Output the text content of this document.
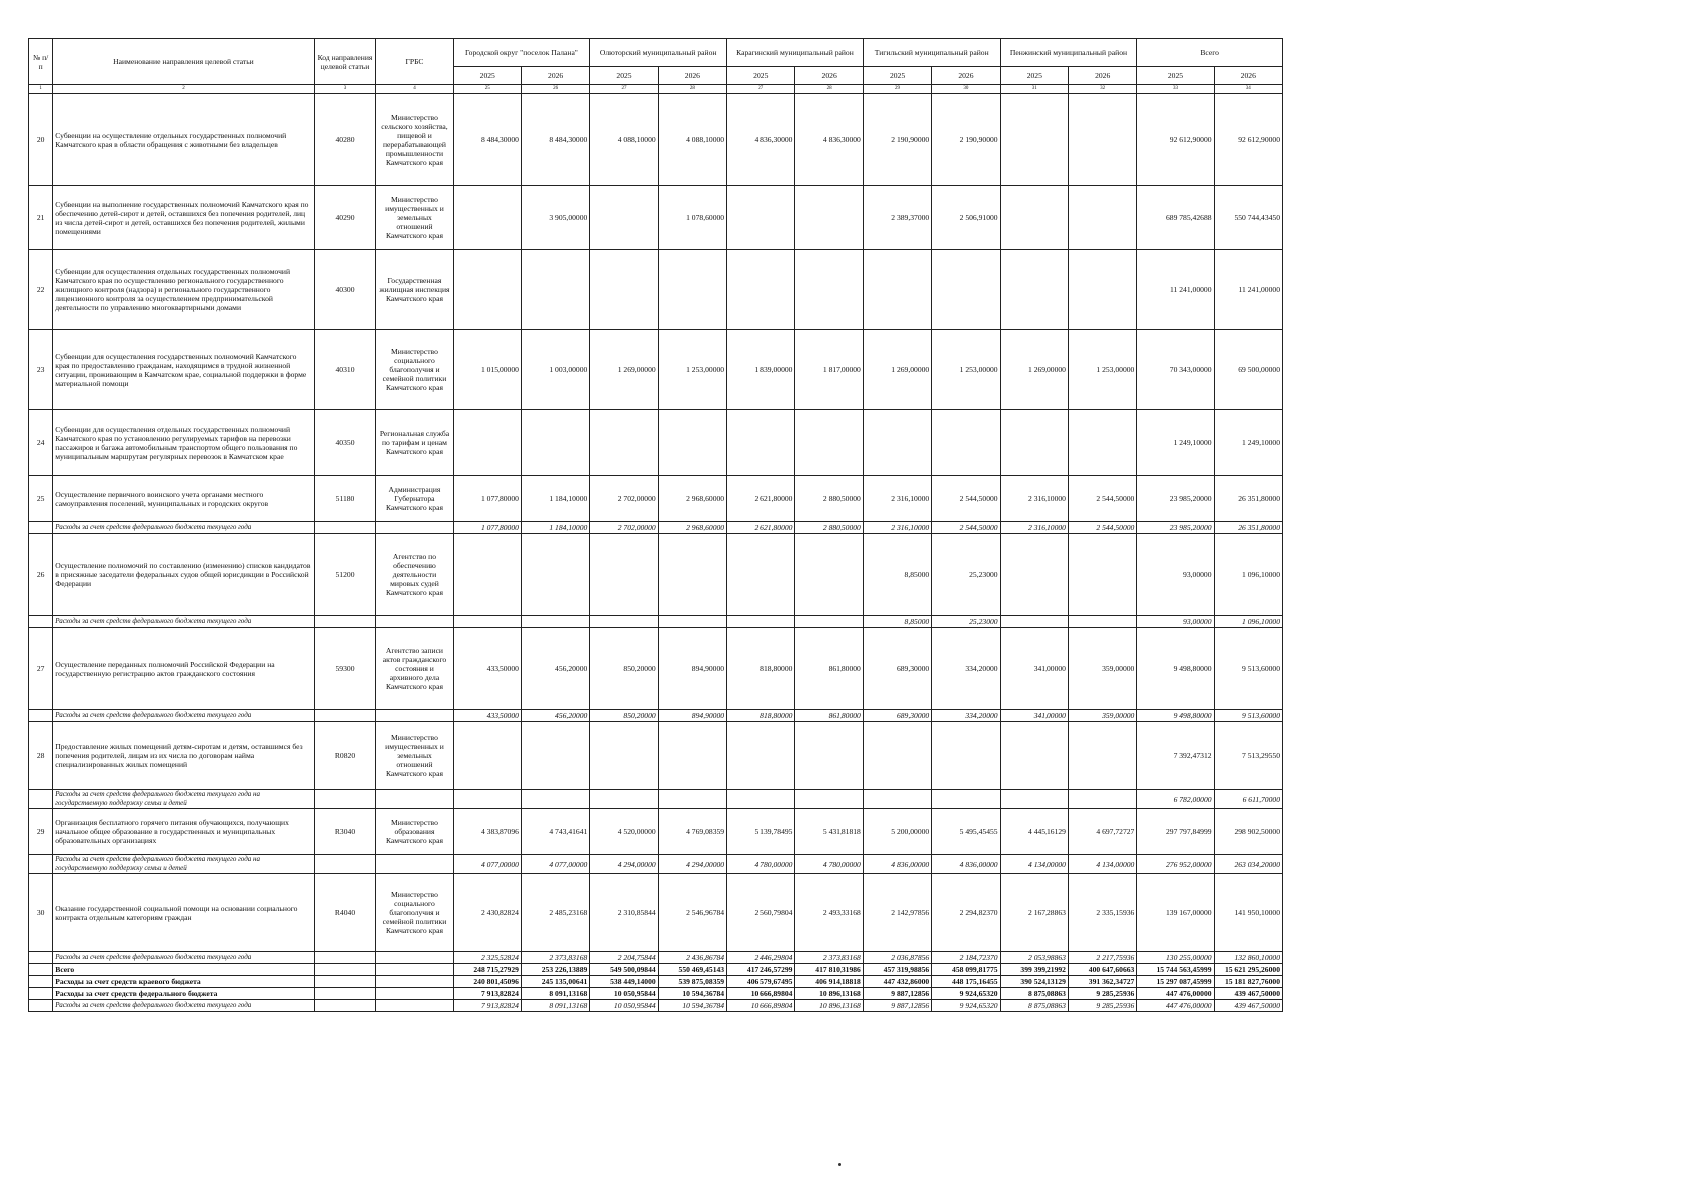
№ п/п	Наименование направления целевой статьи	Код направления целевой статьи	ГРБС	Городской округ "поселок Палана"		Олюторский муниципальный район		Карагинский муниципальный район		Тигильский муниципальный район		Пенжинский муниципальный район		Всего	
				2025	2026	2025	2026	2025	2026	2025	2026	2025	2026	2025	2026
1	2	3	4	25	26	27	28	27	28	29	30	31	32	33	34
20	Субвенции на осуществление отдельных государственных полномочий Камчатского края в области обращения с животными без владельцев	40280	Министерство сельского хозяйства, пищевой и перерабатывающей промышленности Камчатского края	8 484,30000	8 484,30000	4 088,10000	4 088,10000	4 836,30000	4 836,30000	2 190,90000	2 190,90000			92 612,90000	92 612,90000
21	Субвенции на выполнение государственных полномочий Камчатского края по обеспечению детей-сирот и детей, оставшихся без попечения родителей, лиц из числа детей-сирот и детей, оставшихся без попечения родителей, жилыми помещениями	40290	Министерство имущественных и земельных отношений Камчатского края		3 905,00000		1 078,60000			2 389,37000	2 506,91000			689 785,42688	550 744,43450
22	Субвенции для осуществления отдельных государственных полномочий Камчатского края по осуществлению регионального государственного жилищного контроля (надзора) и регионального государственного лицензионного контроля за осуществлением предпринимательской деятельности по управлению многоквартирными домами	40300	Государственная жилищная инспекция Камчатского края											11 241,00000	11 241,00000
23	Субвенции для осуществления государственных полномочий Камчатского края по предоставлению гражданам, находящимся в трудной жизненной ситуации, проживающим в Камчатском крае, социальной поддержки в форме материальной помощи	40310	Министерство социального благополучия и семейной политики Камчатского края	1 015,00000	1 003,00000	1 269,00000	1 253,00000	1 839,00000	1 817,00000	1 269,00000	1 253,00000	1 269,00000	1 253,00000	70 343,00000	69 500,00000
24	Субвенции для осуществления отдельных государственных полномочий Камчатского края по установлению регулируемых тарифов на перевозки пассажиров и багажа автомобильным транспортом общего пользования по муниципальным маршрутам регулярных перевозок в Камчатском крае	40350	Региональная служба по тарифам и ценам Камчатского края											1 249,10000	1 249,10000
25	Осуществление первичного воинского учета органами местного самоуправления поселений, муниципальных и городских округов	51180	Администрация Губернатора Камчатского края	1 077,80000	1 184,10000	2 702,00000	2 968,60000	2 621,80000	2 880,50000	2 316,10000	2 544,50000	2 316,10000	2 544,50000	23 985,20000	26 351,80000
	Расходы за счет средств федерального бюджета текущего года			1 077,80000	1 184,10000	2 702,00000	2 968,60000	2 621,80000	2 880,50000	2 316,10000	2 544,50000	2 316,10000	2 544,50000	23 985,20000	26 351,80000
26	Осуществление полномочий по составлению (изменению) списков кандидатов в присяжные заседатели федеральных судов общей юрисдикции в Российской Федерации	51200	Агентство по обеспечению деятельности мировых судей Камчатского края							8,85000	25,23000			93,00000	1 096,10000
	Расходы за счет средств федерального бюджета текущего года									8,85000	25,23000			93,00000	1 096,10000
27	Осуществление переданных полномочий Российской Федерации на государственную регистрацию актов гражданского состояния	59300	Агентство записи актов гражданского состояния и архивного дела Камчатского края	433,50000	456,20000	850,20000	894,90000	818,80000	861,80000	689,30000	334,20000	341,00000	359,00000	9 498,80000	9 513,60000
	Расходы за счет средств федерального бюджета текущего года			433,50000	456,20000	850,20000	894,90000	818,80000	861,80000	689,30000	334,20000	341,00000	359,00000	9 498,80000	9 513,60000
28	Предоставление жилых помещений детям-сиротам и детям, оставшимся без попечения родителей, лицам из их числа по договорам найма специализированных жилых помещений	R0820	Министерство имущественных и земельных отношений Камчатского края											7 392,47312	7 513,29550
	Расходы за счет средств федерального бюджета текущего года на государственную поддержку семьи и детей													6 782,00000	6 611,70000
29	Организация бесплатного горячего питания обучающихся, получающих начальное общее образование в государственных и муниципальных образовательных организациях	R3040	Министерство образования Камчатского края	4 383,87096	4 743,41641	4 520,00000	4 769,08359	5 139,78495	5 431,81818	5 200,00000	5 495,45455	4 445,16129	4 697,72727	297 797,84999	298 902,50000
	Расходы за счет средств федерального бюджета текущего года на государственную поддержку семьи и детей			4 077,00000	4 077,00000	4 294,00000	4 294,00000	4 780,00000	4 780,00000	4 836,00000	4 836,00000	4 134,00000	4 134,00000	276 952,00000	263 034,20000
30	Оказание государственной социальной помощи на основании социального контракта отдельным категориям граждан	R4040	Министерство социального благополучия и семейной политики Камчатского края	2 430,82824	2 485,23168	2 310,85844	2 546,96784	2 560,79804	2 493,33168	2 142,97856	2 294,82370	2 167,28863	2 335,15936	139 167,00000	141 950,10000
	Расходы за счет средств федерального бюджета текущего года			2 325,52824	2 373,83168	2 204,75844	2 436,86784	2 446,29804	2 373,83168	2 036,87856	2 184,72370	2 053,98863	2 217,75936	130 255,00000	132 860,10000
	Всего			248 715,27929	253 226,13889	549 500,09844	550 469,45143	417 246,57299	417 810,31986	457 319,98856	458 099,81775	399 399,21992	400 647,60663	15 744 563,45999	15 621 295,26000
	Расходы за счет средств краевого бюджета			240 801,45096	245 135,00641	538 449,14000	539 875,08359	406 579,67495	406 914,18818	447 432,86000	448 175,16455	390 524,13129	391 362,34727	15 297 087,45999	15 181 827,76000
	Расходы за счет средств федерального бюджета			7 913,82824	8 091,13168	10 050,95844	10 594,36784	10 666,89804	10 896,13168	9 887,12856	9 924,65320	8 875,08863	9 285,25936	447 476,00000	439 467,50000
	Расходы за счет средств федерального бюджета текущего года			7 913,82824	8 091,13168	10 050,95844	10 594,36784	10 666,89804	10 896,13168	9 887,12856	9 924,65320	8 875,08863	9 285,25936	447 476,00000	439 467,50000
